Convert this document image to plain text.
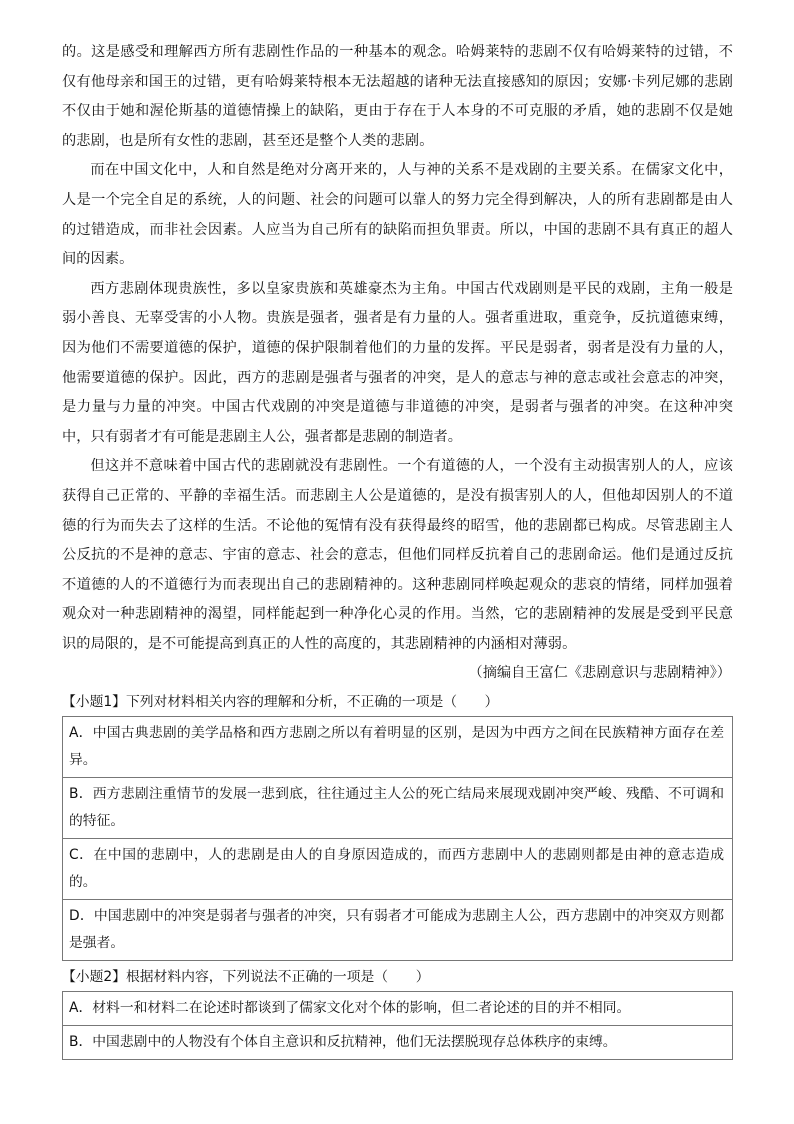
的。这是感受和理解西方所有悲剧性作品的一种基本的观念。哈姆莱特的悲剧不仅有哈姆莱特的过错，不仅有他母亲和国王的过错，更有哈姆莱特根本无法超越的诸种无法直接感知的原因；安娜·卡列尼娜的悲剧不仅由于她和渥伦斯基的道德情操上的缺陷，更由于存在于人本身的不可克服的矛盾，她的悲剧不仅是她的悲剧，也是所有女性的悲剧，甚至还是整个人类的悲剧。

而在中国文化中，人和自然是绝对分离开来的，人与神的关系不是戏剧的主要关系。在儒家文化中，人是一个完全自足的系统，人的问题、社会的问题可以靠人的努力完全得到解决，人的所有悲剧都是由人的过错造成，而非社会因素。人应当为自己所有的缺陷而担负罪责。所以，中国的悲剧不具有真正的超人间的因素。

西方悲剧体现贵族性，多以皇家贵族和英雄豪杰为主角。中国古代戏剧则是平民的戏剧，主角一般是弱小善良、无辜受害的小人物。贵族是强者，强者是有力量的人。强者重进取，重竞争，反抗道德束缚，因为他们不需要道德的保护，道德的保护限制着他们的力量的发挥。平民是弱者，弱者是没有力量的人，他需要道德的保护。因此，西方的悲剧是强者与强者的冲突，是人的意志与神的意志或社会意志的冲突，是力量与力量的冲突。中国古代戏剧的冲突是道德与非道德的冲突，是弱者与强者的冲突。在这种冲突中，只有弱者才有可能是悲剧主人公，强者都是悲剧的制造者。

但这并不意味着中国古代的悲剧就没有悲剧性。一个有道德的人，一个没有主动损害别人的人，应该获得自己正常的、平静的幸福生活。而悲剧主人公是道德的，是没有损害别人的人，但他却因别人的不道德的行为而失去了这样的生活。不论他的冤情有没有获得最终的昭雪，他的悲剧都已构成。尽管悲剧主人公反抗的不是神的意志、宇宙的意志、社会的意志，但他们同样反抗着自己的悲剧命运。他们是通过反抗不道德的人的不道德行为而表现出自己的悲剧精神的。这种悲剧同样唤起观众的悲哀的情绪，同样加强着观众对一种悲剧精神的渴望，同样能起到一种净化心灵的作用。当然，它的悲剧精神的发展是受到平民意识的局限的，是不可能提高到真正的人性的高度的，其悲剧精神的内涵相对薄弱。

（摘编自王富仁《悲剧意识与悲剧精神》）

【小题1】下列对材料相关内容的理解和分析，不正确的一项是（　　）

A．中国古典悲剧的美学品格和西方悲剧之所以有着明显的区别，是因为中西方之间在民族精神方面存在差异。
B．西方悲剧注重情节的发展一悲到底，往往通过主人公的死亡结局来展现戏剧冲突严峻、残酷、不可调和的特征。
C．在中国的悲剧中，人的悲剧是由人的自身原因造成的，而西方悲剧中人的悲剧则都是由神的意志造成的。
D．中国悲剧中的冲突是弱者与强者的冲突，只有弱者才可能成为悲剧主人公，西方悲剧中的冲突双方则都是强者。

【小题2】根据材料内容，下列说法不正确的一项是（　　）

A．材料一和材料二在论述时都谈到了儒家文化对个体的影响，但二者论述的目的并不相同。
B．中国悲剧中的人物没有个体自主意识和反抗精神，他们无法摆脱现存总体秩序的束缚。
